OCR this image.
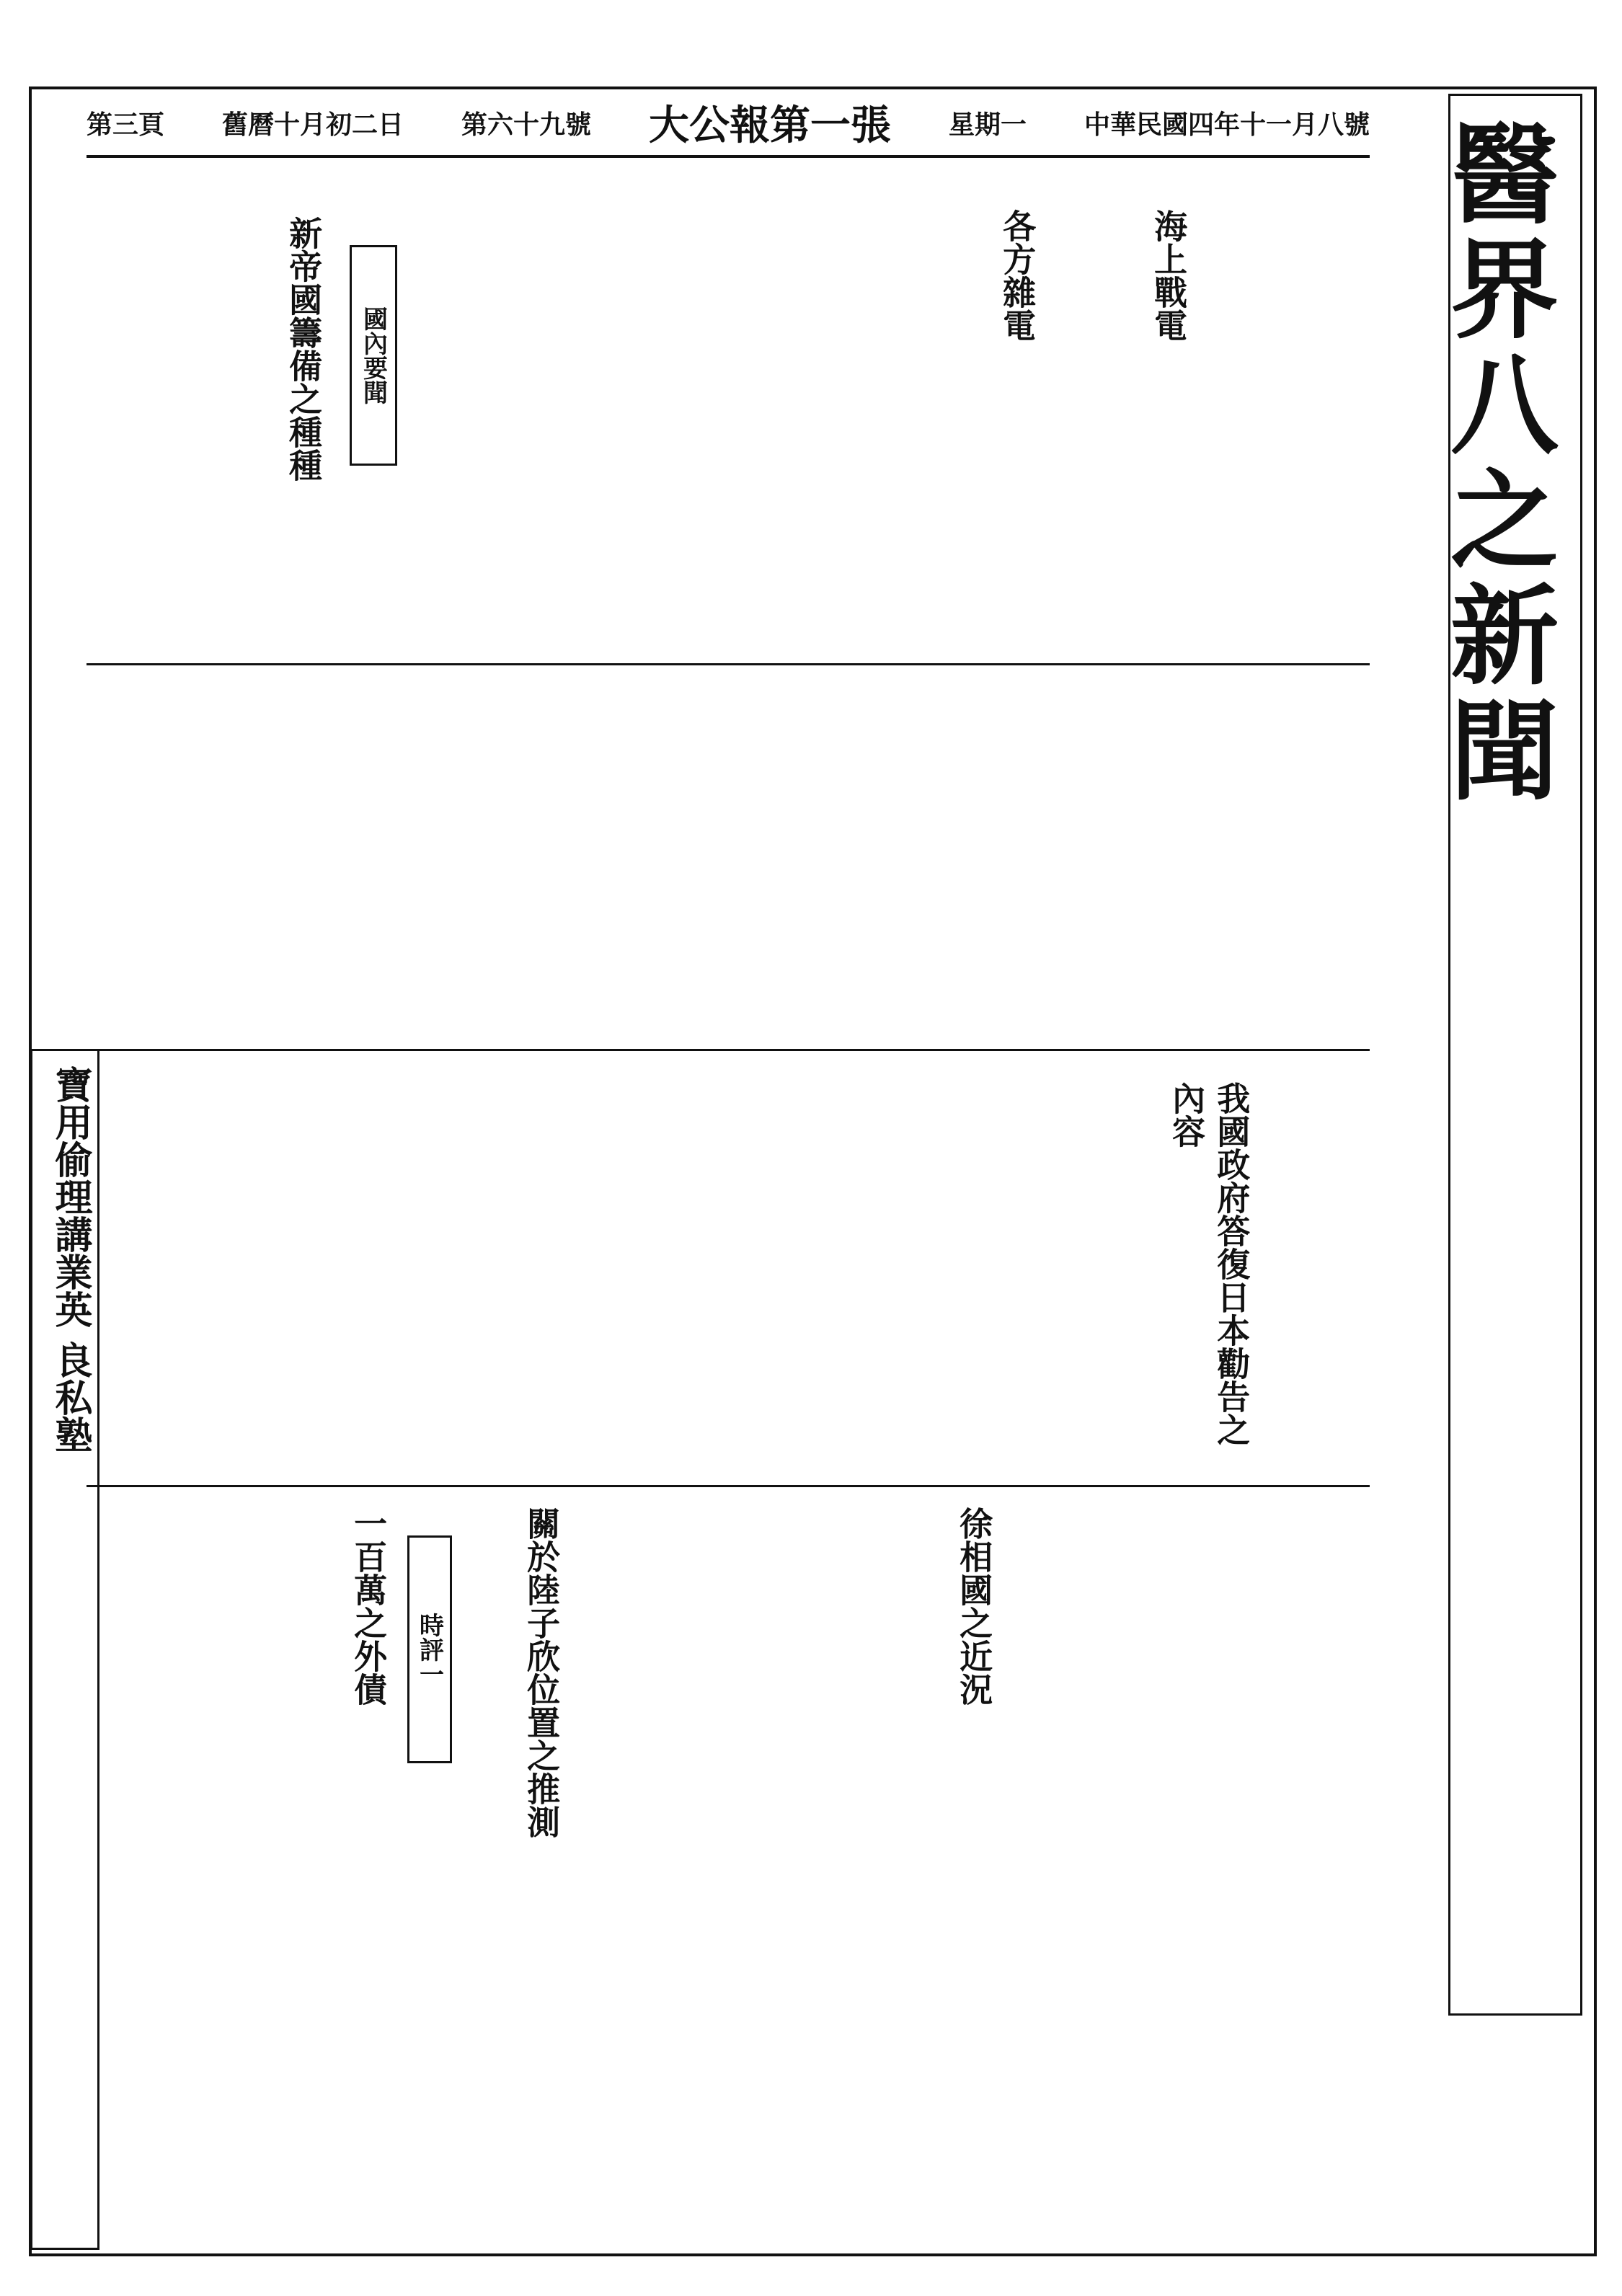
第三頁 舊曆十月初二日 第六十九號 大公報第一張 星期一 中華民國四年十一月八號 醫界八之新聞
海上戰電
各方雜電
國內要聞
新帝國籌備之種種
我國政府答復日本勸告之內容
徐相國之近況
關於陸子欣位置之推測
時評一
一百萬之外債
寶用偷理講業英 良私塾
